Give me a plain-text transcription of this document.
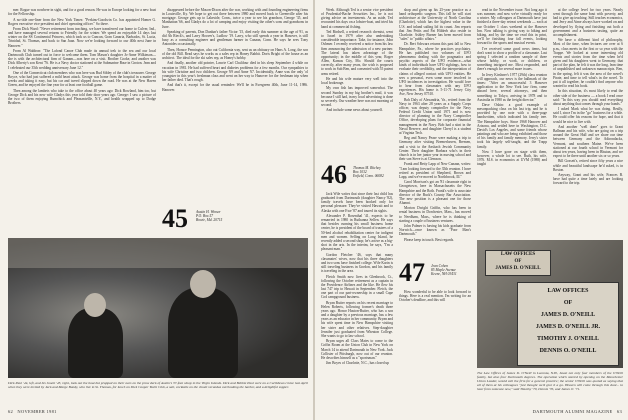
mer. Rogue was nowhere in sight, and for a good reason. He was in Europe looking for a new boat for the Fellowship.

A no-title one-liner from the New York Times: "Perkins-Goodwin Co. has appointed Homer G. Rogers executive vice president and chief operating officer." So there.

From Dick Ward: "Never retirement from teaching, we have transferred our home to Culver, Ind., and have managed several returns to Friendly for the winter. We spend an enjoyable 14 days last winter on the SS Continental Princess, which took us to Cancun, Gran Canaria, Barbados, St. Lucia, Trinidad, St. Thomas, and back to San Juan. Now we're looking forward to our 40th next June in Hanover."

From Al Waldron: "The Lafond Canoe Club made its annual trek to the sea and our local Dartmouth Club turned out in force to welcome them. Tom Mason's daughter Jo-Anne Wilkinson—she is with the architectural firm of Ganam—was here on a visit. Brother Cooke, and another was Dick Alberty's son Kent '76. He is a Navy doctor stationed at the Submarine Base in Groton. Jean and I celebrated our 35th wedding anniversary June 12."

One of the Connecticut club members who was here was Bud Sibley of the club's treasurer. George Boyce, who had just suffered a mild heart attack. George was home from the hospital in a matter of weeks and taking it easy, but his car and tweed slipped down the road. He was at the New Haven Green, and he enjoyed the fine year for at least one football game.

Then among the lambeis who take to the office about 40 years ago: Dick Bowland, him too, but George Dick and his new wife Gladys this year told their door years ago. George: I saw a picture of the two of them enjoying Rumchick and Pleasantville, N.Y., and health wrapped up to Dodge Brothers.

disappeared before the Mason-Dixon after the war, working with and founding engineering firms in Louisville, Ky. We hope to get out there between 1980 and moved back to Greenville after his mortgage. George gets up to Lakeside, Conn., twice a year to see his grandson, George '35, and Manhattan '66, and Gladys do a lot of camping and enjoy visiting the other's sons and grandsons in June.

Speaking of parents, Don Dunbar's father Victor '15, died early this summer at the age of 91, as did Ab Rieck's, and Larry Hoover's, Ludlow '19. Larry, who still spends a year in Hanover, is still busy as a consulting engineer and gentleman farmer in Canaan, Conn. He says he sees Tony Antonides occasionally.

Then, Horace Pennington, also out California way, sent us an obituary on Hans A. Long, the son of the old Bill. Read says he works as a sales rep in Honey Babbit. Doris Bright of the house as an architect. The ideal for the ski sales rep, as Honey's hobby.

And finally, another old pointer, Lawrie Carl Chalifour died in his sleep September 4 while on vacation in 1981. He had suffered heart and diabetes problems for a few months. Our sympathies to his wife Christine and two children. George '69 and Anne '67. Incidentally, Anne was the only 'ol youngster in this year's freshman class and went on her way to Hanover for the freshman trip when her father died. That's rough.

And that's it, except for the usual reminder: We'll be in Evergreen 40th, June 11-14, 1986. Hanover.

45 Austin H. Winsor
P.O. Box 57
Bowie, Md. 20715
Dick Paul '44, left, and his Jouett '43, right, look out the boat but propped on their oars on the prow deck of Austin's 37-foot sloop in the Virgin Islands. Dick and Bebbie Paul were on a Caribbean cruise last April when they were invited by Jack and Marge Bundy, who live in St. Thomas, for lunch on Dick Cooper Yacht Club, a sail, cocktails on the Jouett verandas overlooking the harbor, and a delightful supper.
62 NOVEMBER 1981

Week. Although Ted is a senior vice president of Prudential-Bache Securities Inc., he is not giving advice on investments. As an aside, Ted recounted his days on a lobster-boat, and tried his hand at commercial fishing.

Ted Birdsell, a retired research chemist, went to Israel in 1979 after also undertaking considerable importance. Take, for instance, John Oshmer. I recently received a notice from his law firm announcing the admission of a new partner. The lateral has taken advantage of the opportunity; in the middle of this year, Roger Allen, Kansas City, Mo. Should the courts correctly, after many years, the wish is proposed to work in Sub Ben, and consented with 55 patent arms retired.

He and his wife mature very well into the local brokerage.

My own fish has improved somewhat. The second Sunday in my big brother's mail, it was because I still had, in my local advertising is done so severely. Our weather here was not morning of second.

And include some news about yourself.

46 Thomas M. Ritchey
Box 1032
Enfield, Conn. 06082

Jack Wile writes that since their last child has graduated from Dartmouth (daughter Nancy '82), family travels have been booked only for personal pleasure. They've visited Hawaii and to Alaska with one Ewe '87 and toured its sights.

Alexander P. Rosenthal '41, expects to be remarried in 1980 in Ruthanna Sellen. He says that besides running his small business home center, he is president of the board of trustees of a 50-bed alcohol rehabilitation center for indigent men and women. Selling on Long Island, he recently added a second shop; he's active as a big-shot in the arts. In the interim, he says, "I'm a pleasant man."

Gordon Fletcher '46, says that many classmates' wives, now that his three daughters and two sons have finished college. Wife Karin is still traveling business in Gordon, and his family is traveling in the area.

Fletch Smith now lives in Glenbrook, Ct., following the October retirement as a captain in the Providence Airlines and the like. He flew his last 747 trip to Hawaii in September. Fletch, the one part of our part-ownership in a small Cape Cod campground business.

Bryan Butter reports on his recent marriage to Helen Roberts, following former's death three years ago. Honor Huston-Butter, who has a son and a daughter by a previous marriage, has a few years as an educator in her community. Bryan and his wife spent time in New Hampshire visiting her sister and other relatives. Step-daughter Jennifer just graduated from Wheaton College. She wants to go to law school.

Bryan urges all Class Mates to come to the Coffin Room at the Union Club in New York on March 14 to attend Dartmouth in New York. Jack Collister of Pittsburgh, now out of our reunion. He describes himself as a "sportsman."

Jim Boyes of Charlotte, N.C., has closed up

shop and given up his 25-year practice as a hand orthopedic surgeon. This fall he will start architecture at the University of North Carolina (Charlotte), which has the highest value in the U.S. and inland sailing lid its count. Jim reports that Jim Pettis and Pat Hilderb also reside in Charlotte. Ashley Burner has been moved from "sales" to "public affairs."

Dr. Bert Schwarz returns this past fall to New Hampshire, Pa., where he practices psychiatry. He has published two volumes of UFO phenomena dealing with the pragmatics and psychic aspects of the UFO evidence—what kinds of individuals have UFO sightings, how to evaluate their credibility, and the interpretation of claims of alleged contact with UFO entities. He sees a personal, even some more involved in UFO incidences in investigation. He would love to hear from classmates with any UFO experiences. His home is 5-11-71 Jersey City Ave, New Jersey 07510.

Bob Daly of Alexandria, Va., retired from the Navy in 1963 after 28 years as a Supply Corps officer, was deputy comptroller for the Navy Federal Credit Union until 1971 and is now director of planning in the Navy Comptroller Office, developing plans for corporate financial management in the Navy. Bob had a stint in the Naval Reserve, and daughter Cheryl is a student at Virginia Tech.

Reg and Nancy Pease were making a trip to Germany after visiting Bremerhaven, Bremen, and a visit to the Ansbach Jewish Community Center. Their daughter Barbara who's in their church is in her junior year in nursing school and their son Steve is at Clemson.

Frank and Betty Lapp of New Canaan, writes: "I am looking forward to the 35th reunion. I have retired as president of Shepherd, Brown and Lapp, and we've moved to Northbrook, Ill."

Carol Morrison's got an '81 classmate right in Georgetown, here in Massachusetts the New Hampshire and the Roth. Frank's wife is associate director of the Buck's County Bar Association. The new position is a pleasant one for those Alumni.

Morton Dwight Griffin, who has been in rental business in Dorchester, Mass., has moved to Needham, Mass., where he is thinking of starting a couple of business ventures.

John Palmer is having his kids graduate from Norwich—once known as "Poor Man's Dartmouth."

Please keep in touch. Best regards.

47 Jean Cohen
85 Maple Avenue
Keene, NH 03431

How wonderful to be able to look forward to things. Here is a real mention. I'm writing for an October's deadline, and this will

read in the November issue. Not long ago it was summer, and now we're virtually ready for a winter. My colleagues at Dartmouth have just finished a three-day retreat weekends — each at our October 1 class weekend at the Hanover Inn. Now talking is giving way to hiking and biking, and by the time we read this in print, we'll be finishing four fall events, looking forward to the sports and musical events.

I've received some good news items, but don't want to show a profile of a classmate. Last spring I selected a random sample of three whose hobby, or work, or children, or something intrigued me. Most responded, and there's enough for several more issues.

In Jerry Kirshner's 1977 (29th) class reunion will approach, our news is the hallmark of the times: "After an unsuccessful 3 Hanover application to the New York law firm, came aboard here, several attorneys, and then something to Tokyo, arriving in 1978 and to Australia in 1980 as the freight director."

Dave Oshin: a good example of mesonpacking class on his last trip, and he is provided by one note with a three-page handwritten, which indicated his family tree. The Hampshire boys. Since 1968 Hanover and Arizona, and settled here in Washington, D.C. David's Los Angeles, and some friends whose paintings and who are being exhibited and those of his family and family memory. Jerry's sister took his largely self-taught, and the Trapp family.

Now I have gone on stage with them, however, a whole lot to see. Ruth, his wife, 1976. M.S. in economics at UVM (1988) and taught

at the college level for two years. Nearly went through the same bout with poverty, and had to give up teaching. Still teaches economics, and Jerry and Aime always have worked on and developed by flying and finishing out both a government and a business tasting, quite an accomplishment.

We have a different kind of philosophy, Most of the time, when lectures are over at 6 p.m., class meets in the first or so year with the Trappe. We looked at some interesting old events and stories from the time when he'd given and his daughters went to Germany; that part of the plan, he felt it was the long, lean time of unpublished and unknown manuscripts. Ben, in the spring, felt it was the area of the novel's Pirate, and time to tell what's in the novel. To put it all together, he couldn't find anyone who wanted to read his book.

In this situation, it's most likely to read the other side of the business — a book I read once said: "In this way you should read everything about anything that comes through your hands."

I asked Mark what he was doing. Really, said I, since I'm in the "go" business for a while. He could offer his reasons for hope, and that it would be nice to live with.

And another "well done" goes to Grant Ballman and his wife, who are going on a trip around the Great Hall and we share our time between Germany and the Adirondacks, Vermont, and southern Maine. We've been stationed at our fourth school in Vermont for about ten years, having been in Bhutan, and we expect to be there until another six or so years.

Bill Gossett's, retired since fifty years a nice while and beautiful landscape he'd asked, is in Boston.

Anyway, Grant and his wife, Frances B. have had quite a time lately and are looking forward to the trip.

LAW OFFICES
OF
JAMES D. O'NEILL
LAW OFFICES
OF
JAMES D. O'NEILL
JAMES D. O'NEILL JR.
TIMOTHY J. O'NEILL
DENNIS O. O'NEILL
The Law Offices of James D. O'Neill in Laconia, N.H., boast not only four members of the O'Neill family, but also four Dartmouth degrees. The operation which started by opening on the Manchester Union Leader, would call the firm for a general practice; the senior O'Neill was quoted as saying that all of them at his colleagues "just thought we'd give it a go. Heaven will come through this door... to hear from someone new," said Timothy '70, Dennis '76, and James Jr. '71.
DARTMOUTH ALUMNI MAGAZINE 63
